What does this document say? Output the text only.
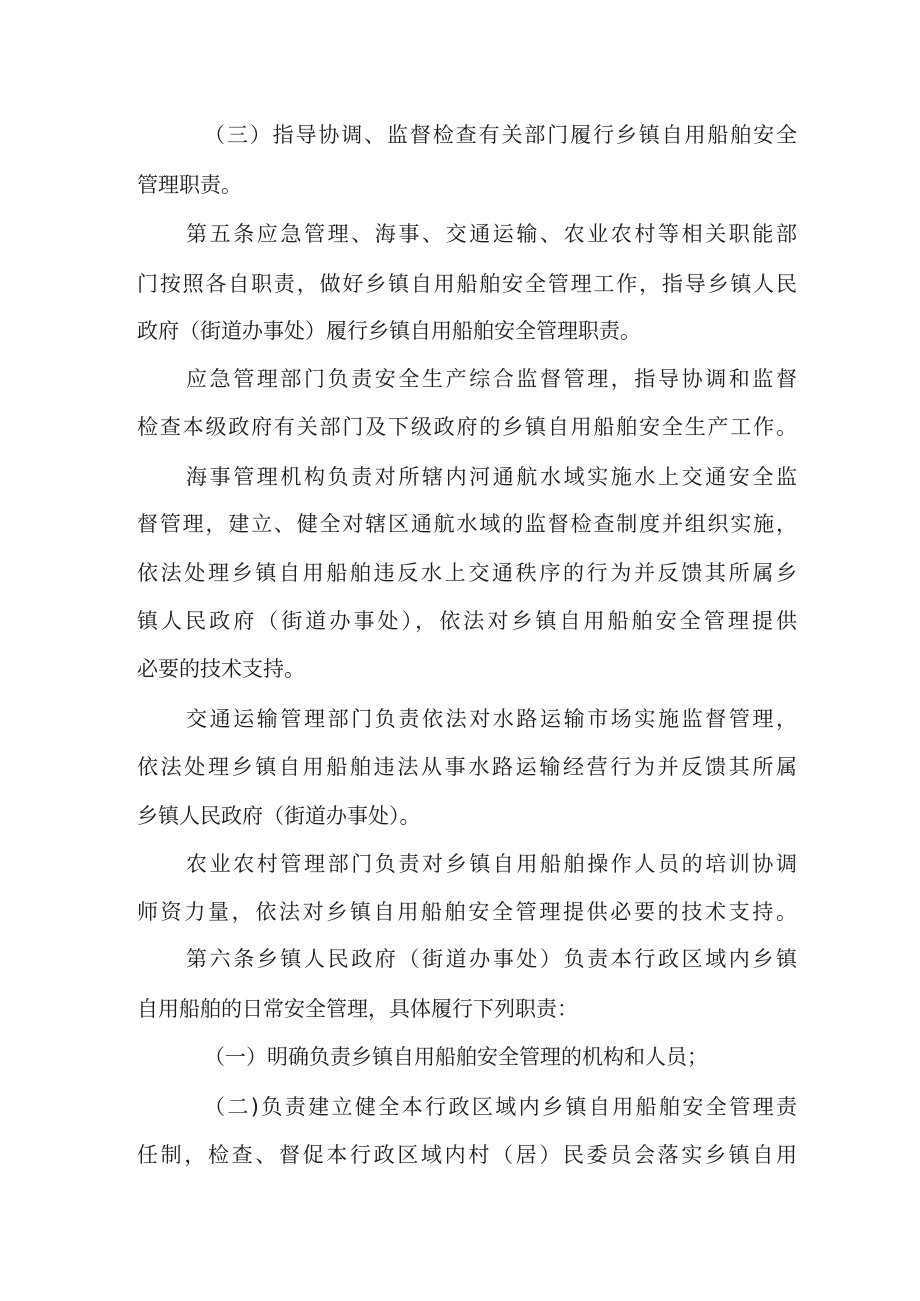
（三）指导协调、监督检查有关部门履行乡镇自用船舶安全
管理职责。
第五条应急管理、海事、交通运输、农业农村等相关职能部
门按照各自职责，做好乡镇自用船舶安全管理工作，指导乡镇人民
政府（街道办事处）履行乡镇自用船舶安全管理职责。
应急管理部门负责安全生产综合监督管理，指导协调和监督
检查本级政府有关部门及下级政府的乡镇自用船舶安全生产工作。
海事管理机构负责对所辖内河通航水域实施水上交通安全监
督管理，建立、健全对辖区通航水域的监督检查制度并组织实施，
依法处理乡镇自用船舶违反水上交通秩序的行为并反馈其所属乡
镇人民政府（街道办事处），依法对乡镇自用船舶安全管理提供
必要的技术支持。
交通运输管理部门负责依法对水路运输市场实施监督管理，
依法处理乡镇自用船舶违法从事水路运输经营行为并反馈其所属
乡镇人民政府（街道办事处）。
农业农村管理部门负责对乡镇自用船舶操作人员的培训协调
师资力量，依法对乡镇自用船舶安全管理提供必要的技术支持。
第六条乡镇人民政府（街道办事处）负责本行政区域内乡镇
自用船舶的日常安全管理，具体履行下列职责：
（一）明确负责乡镇自用船舶安全管理的机构和人员；
（二)负责建立健全本行政区域内乡镇自用船舶安全管理责
任制，检查、督促本行政区域内村（居）民委员会落实乡镇自用
